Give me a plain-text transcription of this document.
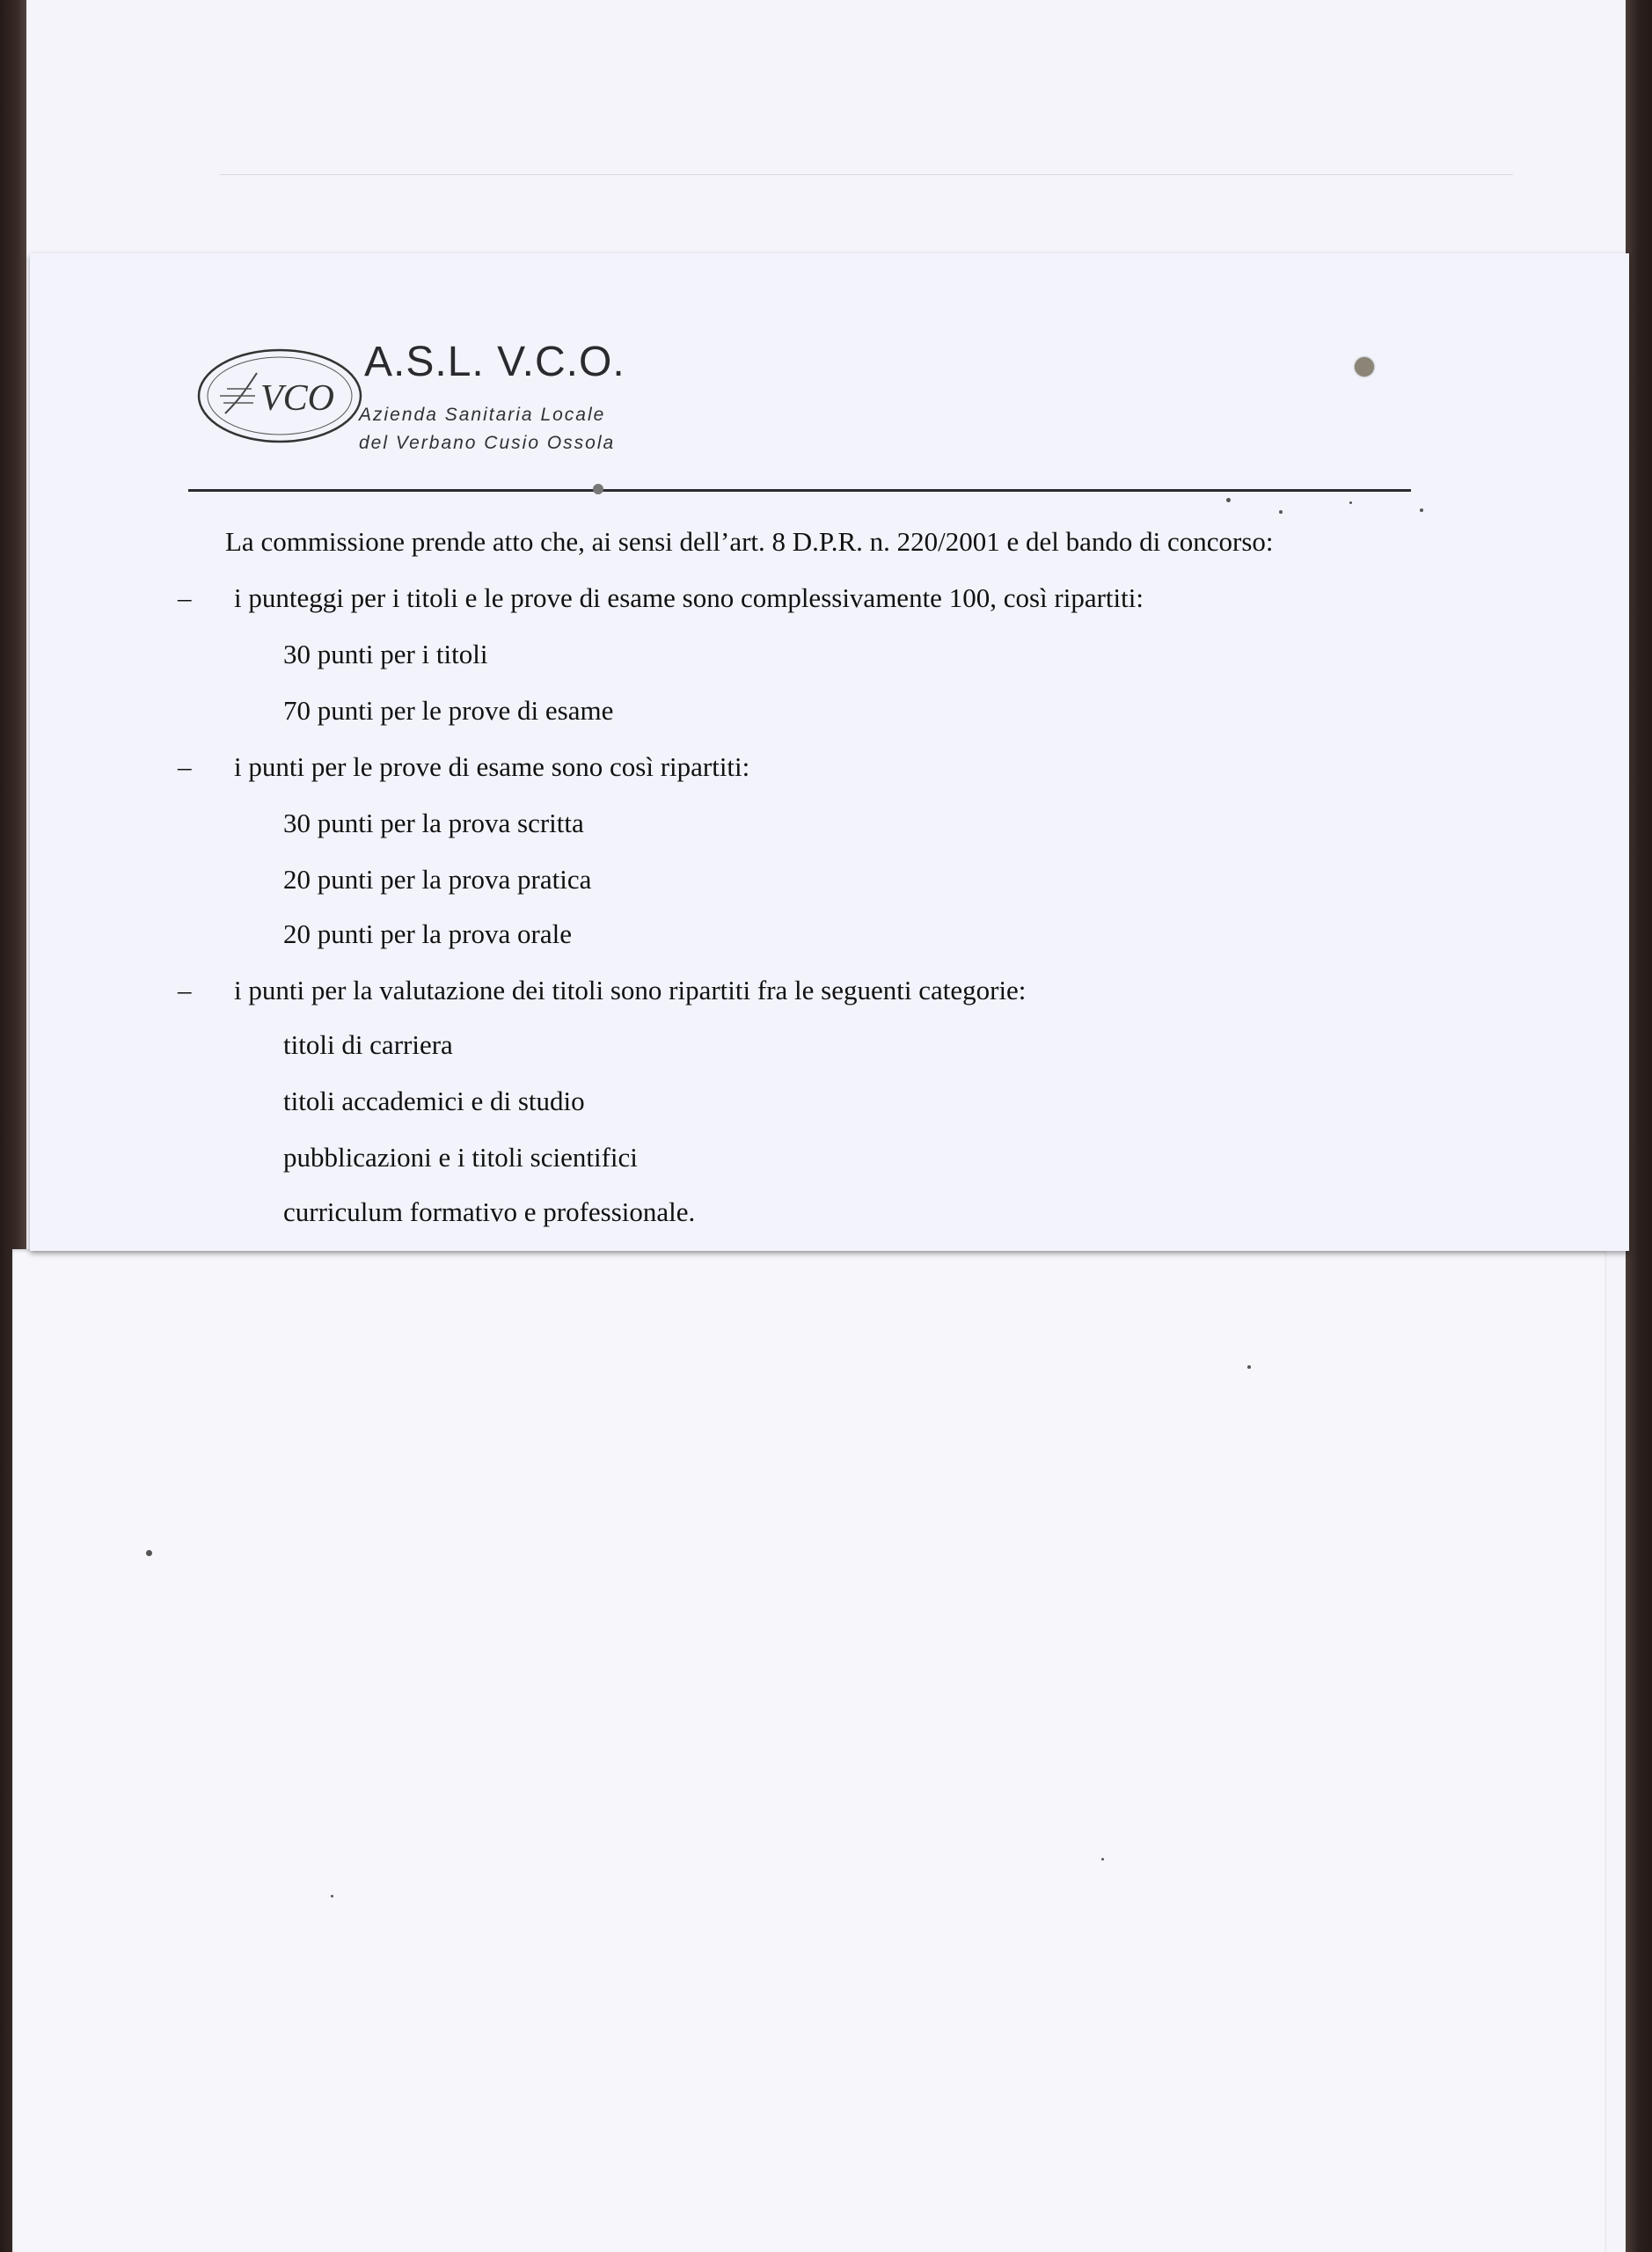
VCO
A.S.L. V.C.O.
Azienda Sanitaria Locale
del Verbano Cusio Ossola
La commissione prende atto che, ai sensi dell’art. 8 D.P.R. n. 220/2001 e del bando di concorso:
– i punteggi per i titoli e le prove di esame sono complessivamente 100, così ripartiti:
30 punti per i titoli
70 punti per le prove di esame
– i punti per le prove di esame sono così ripartiti:
30 punti per la prova scritta
20 punti per la prova pratica
20 punti per la prova orale
– i punti per la valutazione dei titoli sono ripartiti fra le seguenti categorie:
titoli di carriera
titoli accademici e di studio
pubblicazioni e i titoli scientifici
curriculum formativo e professionale.
